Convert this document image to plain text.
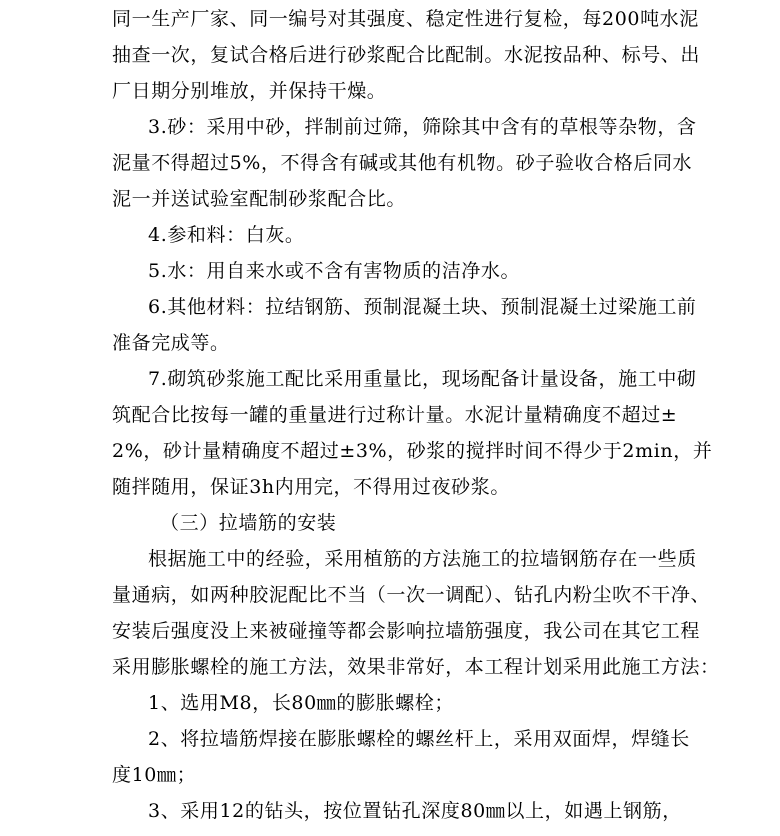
同一生产厂家、同一编号对其强度、稳定性进行复检，每200吨水泥
抽查一次，复试合格后进行砂浆配合比配制。水泥按品种、标号、出
厂日期分别堆放，并保持干燥。
3.砂：采用中砂，拌制前过筛，筛除其中含有的草根等杂物，含
泥量不得超过5%，不得含有碱或其他有机物。砂子验收合格后同水
泥一并送试验室配制砂浆配合比。
4.参和料：白灰。
5.水：用自来水或不含有害物质的洁净水。
6.其他材料：拉结钢筋、预制混凝土块、预制混凝土过梁施工前
准备完成等。
7.砌筑砂浆施工配比采用重量比，现场配备计量设备，施工中砌
筑配合比按每一罐的重量进行过称计量。水泥计量精确度不超过±
2%，砂计量精确度不超过±3%，砂浆的搅拌时间不得少于2min，并
随拌随用，保证3h内用完，不得用过夜砂浆。
（三）拉墙筋的安装
根据施工中的经验，采用植筋的方法施工的拉墙钢筋存在一些质
量通病，如两种胶泥配比不当（一次一调配）、钻孔内粉尘吹不干净、
安装后强度没上来被碰撞等都会影响拉墙筋强度，我公司在其它工程
采用膨胀螺栓的施工方法，效果非常好，本工程计划采用此施工方法：
1、选用M8，长80㎜的膨胀螺栓；
2、将拉墙筋焊接在膨胀螺栓的螺丝杆上，采用双面焊，焊缝长
度10㎜；
3、采用12的钻头，按位置钻孔深度80㎜以上，如遇上钢筋，
